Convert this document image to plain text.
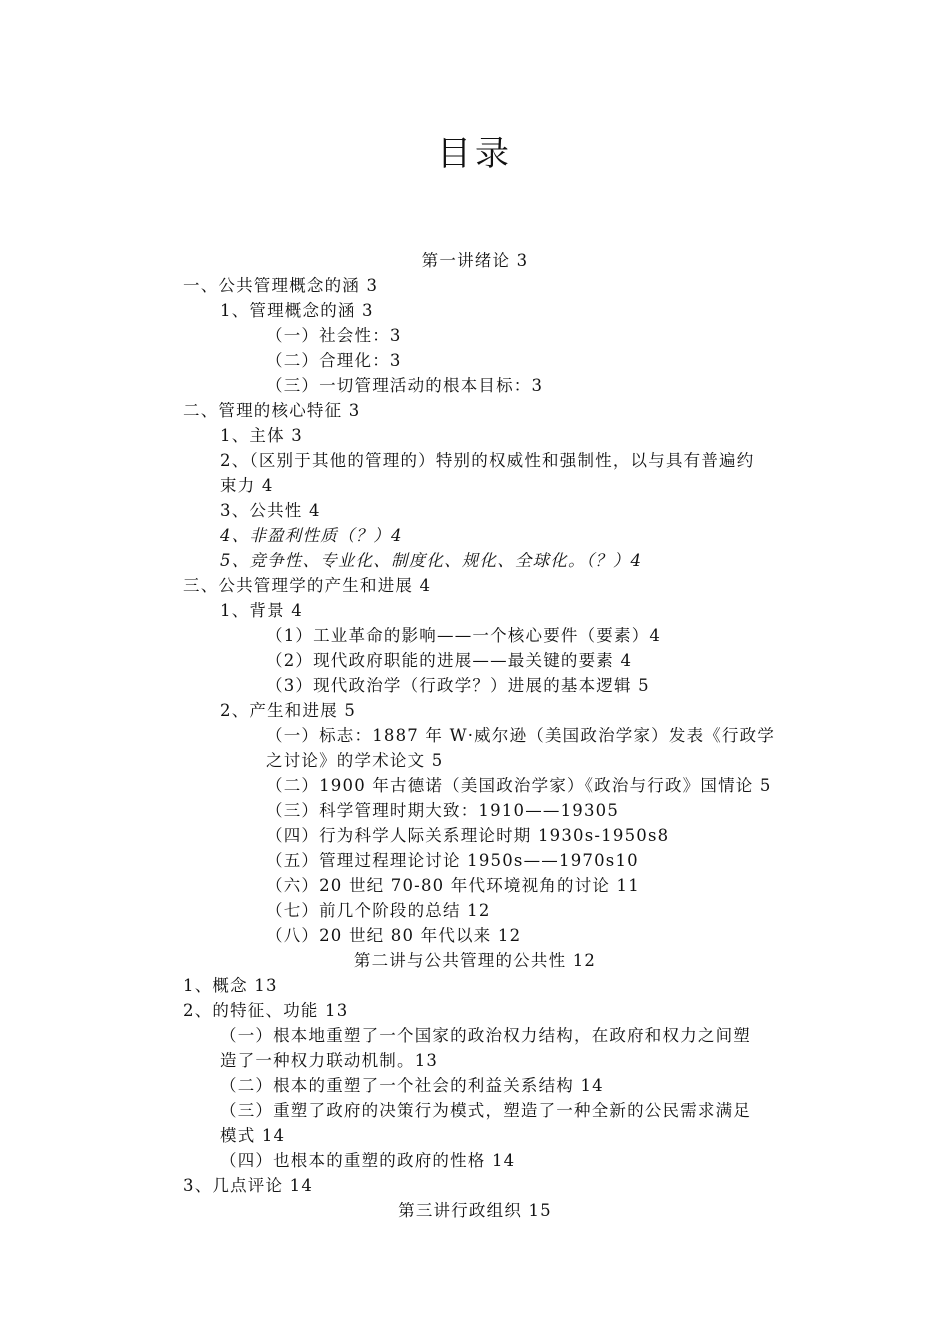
目录
第一讲绪论 3
一、公共管理概念的涵 3
1、管理概念的涵 3
（一）社会性：3
（二）合理化：3
（三）一切管理活动的根本目标：3
二、管理的核心特征 3
1、主体 3
2、（区别于其他的管理的）特别的权威性和强制性，以与具有普遍约
束力 4
3、公共性 4
4、非盈利性质（？）4
5、竞争性、专业化、制度化、规化、全球化。（？）4
三、公共管理学的产生和进展 4
1、背景 4
（1）工业革命的影响——一个核心要件（要素）4
（2）现代政府职能的进展——最关键的要素 4
（3）现代政治学（行政学？）进展的基本逻辑 5
2、产生和进展 5
（一）标志：1887 年 W·威尔逊（美国政治学家）发表《行政学
之讨论》的学术论文 5
（二）1900 年古德诺（美国政治学家）《政治与行政》国情论 5
（三）科学管理时期大致：1910——19305
（四）行为科学人际关系理论时期 1930s-1950s8
（五）管理过程理论讨论 1950s——1970s10
（六）20 世纪 70-80 年代环境视角的讨论 11
（七）前几个阶段的总结 12
（八）20 世纪 80 年代以来 12
第二讲与公共管理的公共性 12
1、概念 13
2、的特征、功能 13
（一）根本地重塑了一个国家的政治权力结构，在政府和权力之间塑
造了一种权力联动机制。13
（二）根本的重塑了一个社会的利益关系结构 14
（三）重塑了政府的决策行为模式，塑造了一种全新的公民需求满足
模式 14
（四）也根本的重塑的政府的性格 14
3、几点评论 14
第三讲行政组织 15
